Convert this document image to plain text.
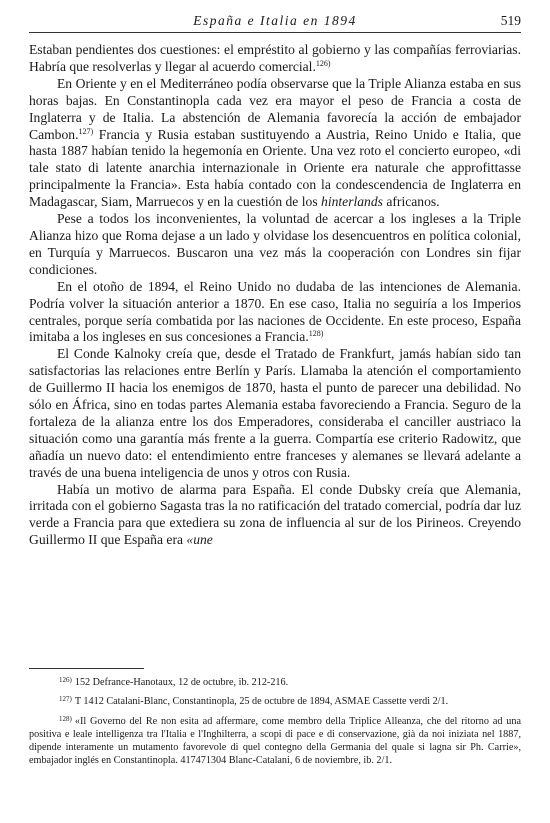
España e Italia en 1894	519

Estaban pendientes dos cuestiones: el empréstito al gobierno y las compañías ferroviarias. Habría que resolverlas y llegar al acuerdo comercial.$^{126)}$

En Oriente y en el Mediterráneo podía observarse que la Triple Alianza estaba en sus horas bajas. En Constantinopla cada vez era mayor el peso de Francia a costa de Inglaterra y de Italia. La abstención de Alemania favorecía la acción de embajador Cambon.$^{127)}$ Francia y Rusia estaban sustituyendo a Austria, Reino Unido e Italia, que hasta 1887 habían tenido la hegemonía en Oriente. Una vez roto el concierto europeo, «di tale stato di latente anarchia internazionale in Oriente era naturale che approfittasse principalmente la Francia». Esta había contado con la condescendencia de Inglaterra en Madagascar, Siam, Marruecos y en la cuestión de los hinterlands africanos.

Pese a todos los inconvenientes, la voluntad de acercar a los ingleses a la Triple Alianza hizo que Roma dejase a un lado y olvidase los desencuentros en política colonial, en Turquía y Marruecos. Buscaron una vez más la cooperación con Londres sin fijar condiciones.

En el otoño de 1894, el Reino Unido no dudaba de las intenciones de Alemania. Podría volver la situación anterior a 1870. En ese caso, Italia no seguiría a los Imperios centrales, porque sería combatida por las naciones de Occidente. En este proceso, España imitaba a los ingleses en sus concesiones a Francia.$^{128)}$

El Conde Kalnoky creía que, desde el Tratado de Frankfurt, jamás habían sido tan satisfactorias las relaciones entre Berlín y París. Llamaba la atención el comportamiento de Guillermo II hacia los enemigos de 1870, hasta el punto de parecer una debilidad. No sólo en África, sino en todas partes Alemania estaba favoreciendo a Francia. Seguro de la fortaleza de la alianza entre los dos Emperadores, consideraba el canciller austriaco la situación como una garantía más frente a la guerra. Compartía ese criterio Radowitz, que añadía un nuevo dato: el entendimiento entre franceses y alemanes se llevará adelante a través de una buena inteligencia de unos y otros con Rusia.

Había un motivo de alarma para España. El conde Dubsky creía que Alemania, irritada con el gobierno Sagasta tras la no ratificación del tratado comercial, podría dar luz verde a Francia para que extediera su zona de influencia al sur de los Pirineos. Creyendo Guillermo II que España era «une

$^{126)}$ 152 Defrance-Hanotaux, 12 de octubre, ib. 212-216.

$^{127)}$ T 1412 Catalani-Blanc, Constantinopla, 25 de octubre de 1894, ASMAE Cassette verdi 2/1.

$^{128)}$ «Il Governo del Re non esita ad affermare, come membro della Triplice Alleanza, che del ritorno ad una positiva e leale intelligenza tra l'Italia e l'Inghilterra, a scopi di pace e di conservazione, già da noi iniziata nel 1887, dipende interamente un mutamento favorevole di quel contegno della Germania del quale si lagna sir Ph. Carrie», embajador inglés en Constantinopla. 417471304 Blanc-Catalani, 6 de noviembre, ib. 2/1.
